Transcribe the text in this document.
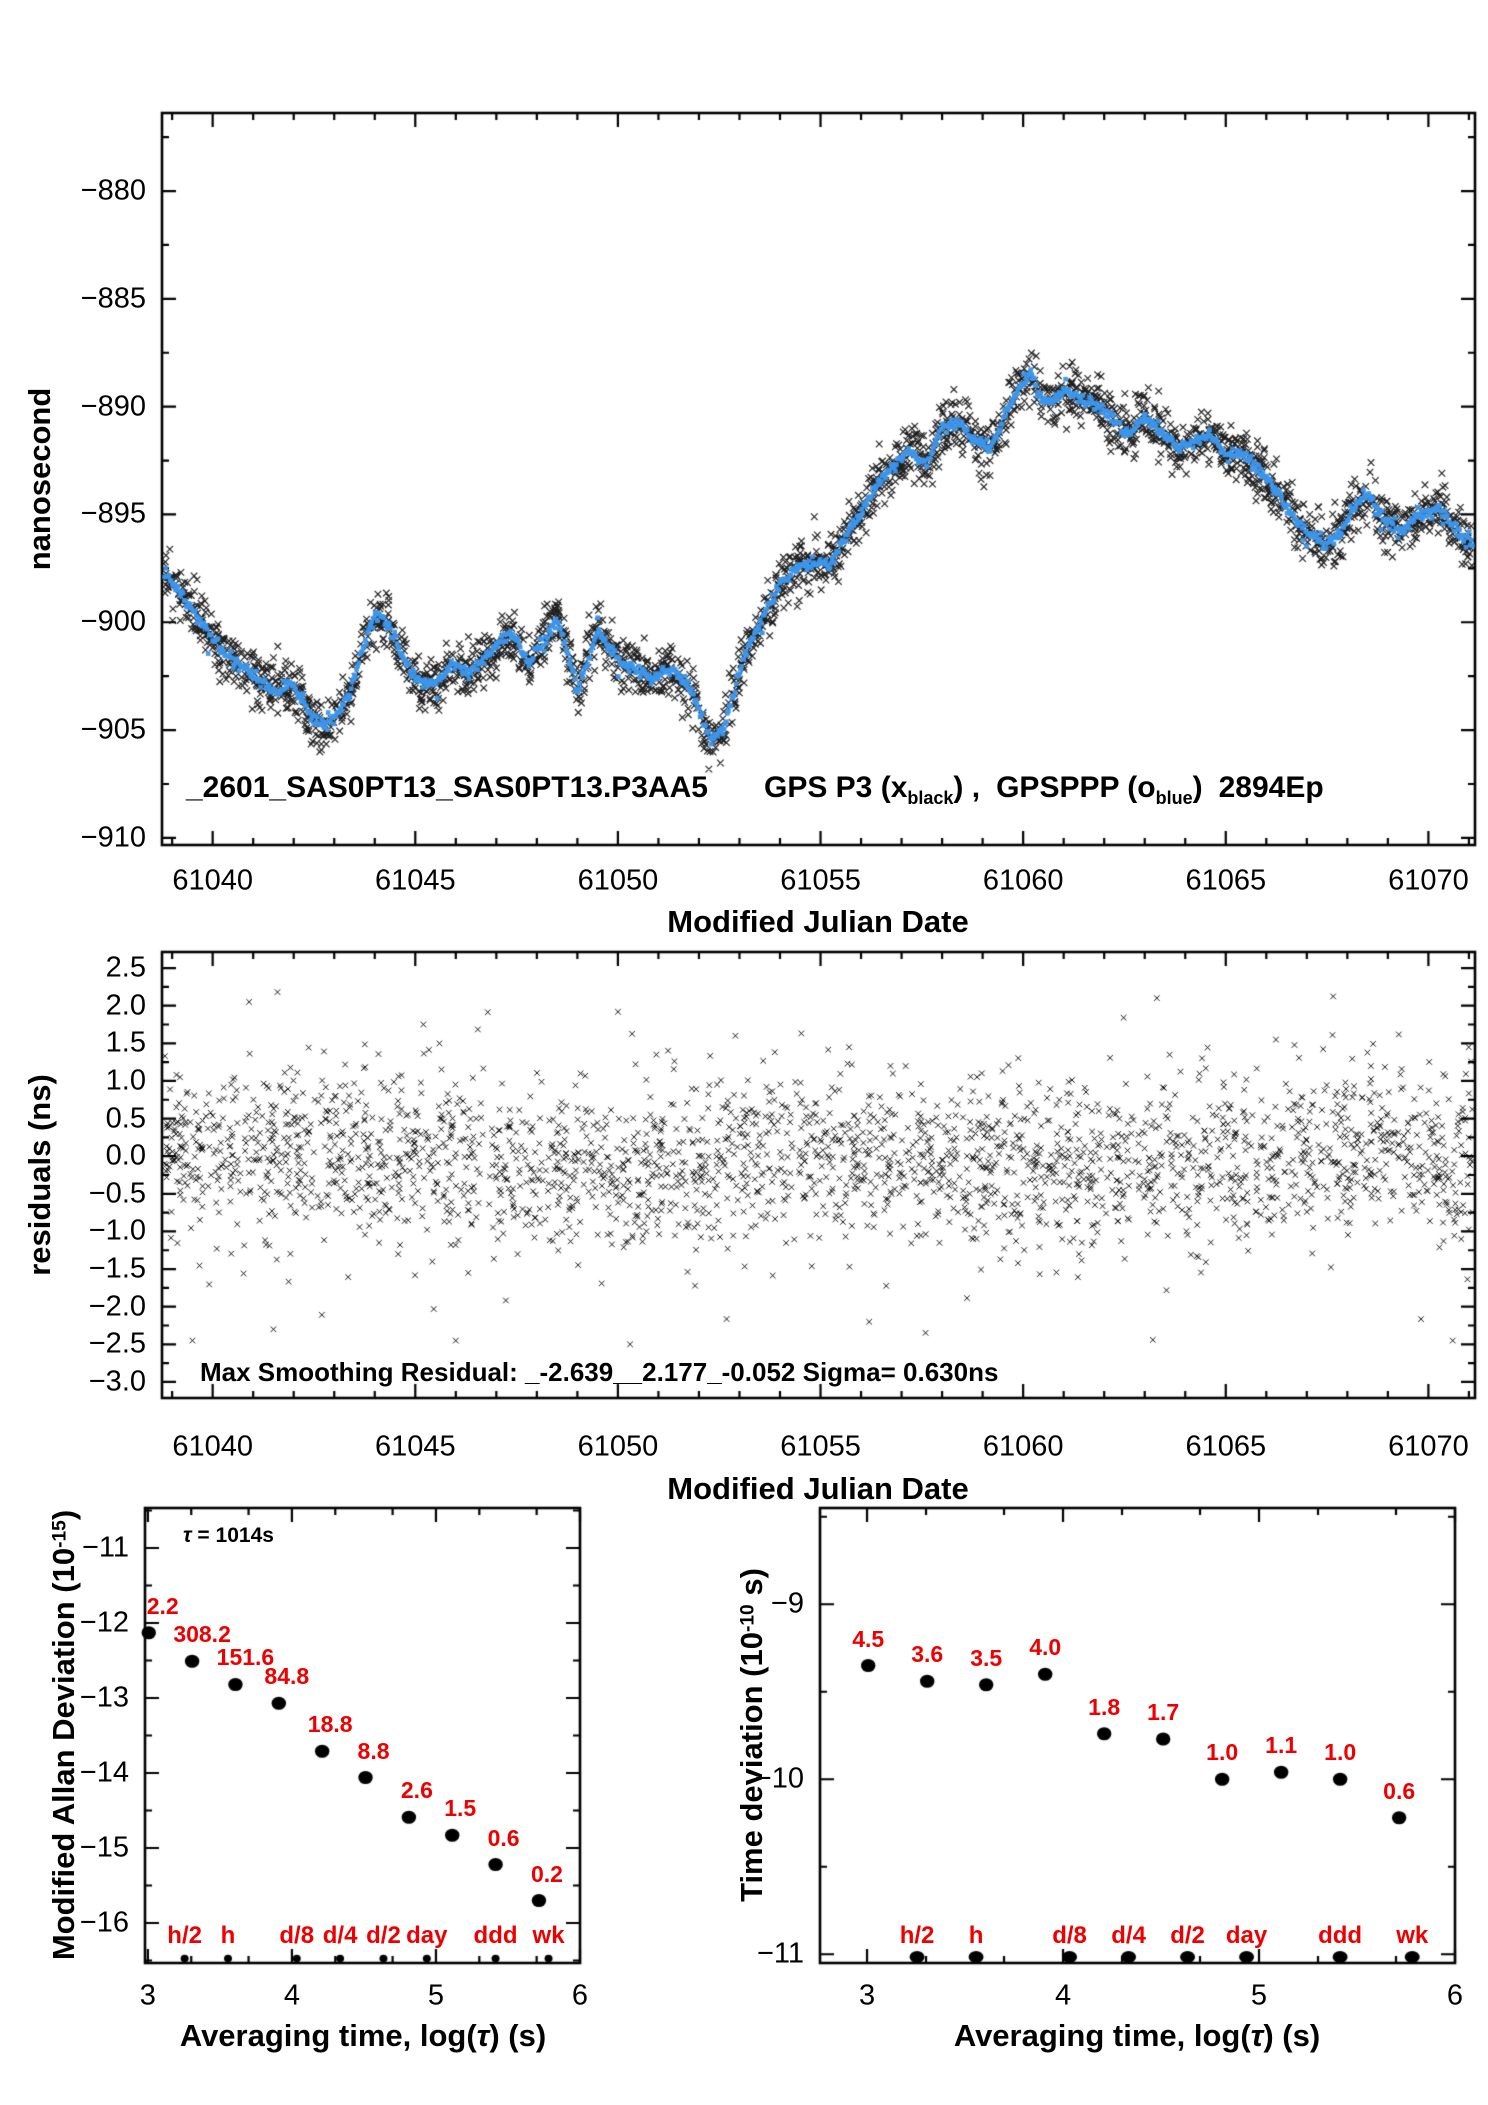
nanosecond
Modified Julian Date
_2601_SAS0PT13_SAS0PT13.P3AA5 GPS P3 $(x_{black})$ , GPSPPP $(o_{blue})$ 2894Ep
residuals (ns)
Modified Julian Date
Max Smoothing Residual: _-2.639__2.177_-0.052 Sigma= 0.630ns
Modified Allan Deviation $(10^{-15})$
Averaging time, log(τ) (s)
τ = 1014s
Time deviation ($10^{-10}$ s)
Averaging time, log(τ) (s)
61040	61045	61050	61055	61060	61065	61070
−880
−885
−890
−895
−900
−905
−910
61040	61045	61050	61055	61060	61065	61070
2.5
2.0
1.5
1.0
0.5
0.0
−0.5
−1.0
−1.5
−2.0
−2.5
−3.0
3	4	5	6
−11
−12
−13
−14
−15
−16
2.2
308.2
151.6
84.8
18.8
8.8
2.6
1.5
0.6
0.2
h/2 h d/8 d/4 d/2 day ddd wk
3	4	5	6
−9
−10
−11
4.5
3.6 3.5 4.0
1.8 1.7
1.0 1.1 1.0
0.6
h/2 h	d/8 d/4 d/2 day ddd wk
